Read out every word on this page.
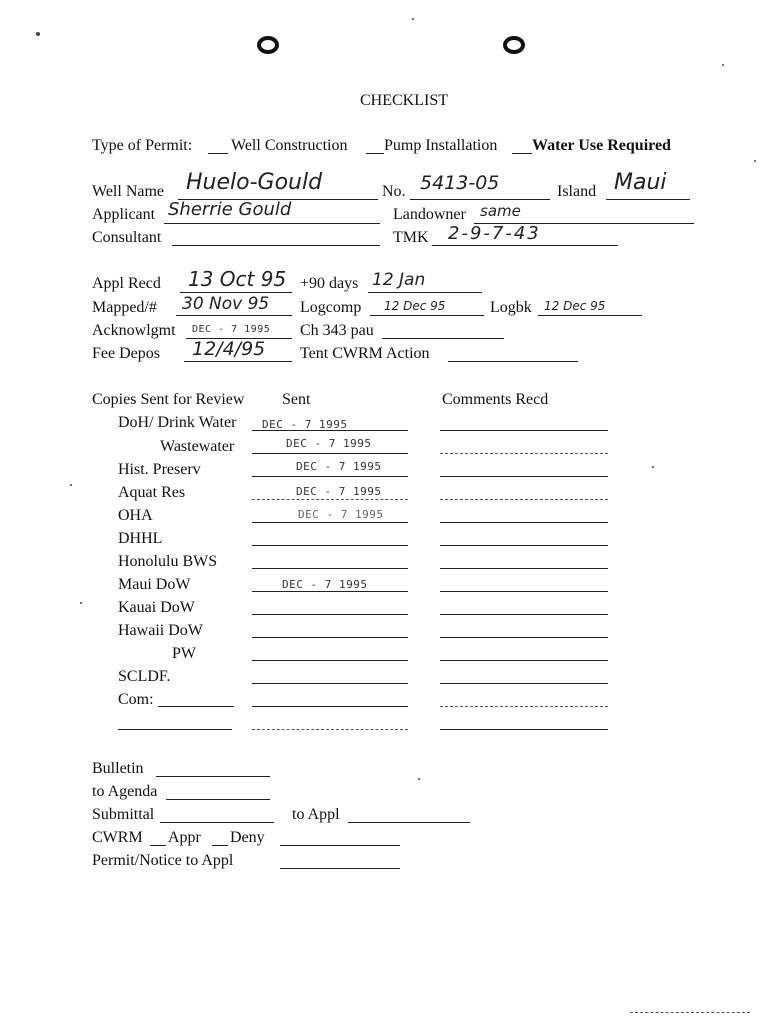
CHECKLIST
Type of Permit: Well Construction Pump Installation Water Use Required
Well Name Huelo-Gould	No. 5413-05	Island Maui
Applicant Sherrie Gould	Landowner same
Consultant	TMK 2-9-7-43
Appl Recd 13 Oct 95 +90 days 12 Jan
Mapped/# 30 Nov 95 Logcomp 12 Dec 95	Logbk 12 Dec 95
Acknowlgmt DEC - 7 1995 Ch 343 pau
Fee Depos 12/4/95 Tent CWRM Action
Copies Sent for Review Sent	Comments Recd
DoH/ Drink Water DEC - 7 1995
Wastewater	DEC - 7 1995
Hist. Preserv	DEC - 7 1995
Aquat Res	DEC - 7 1995
OHA	DEC - 7 1995
DHHL
Honolulu BWS
Maui DoW	DEC - 7 1995
Kauai DoW
Hawaii DoW
PW
SCLDF.
Com:
Bulletin
to Agenda
Submittal	to Appl
CWRM Appr Deny
Permit/Notice to Appl
